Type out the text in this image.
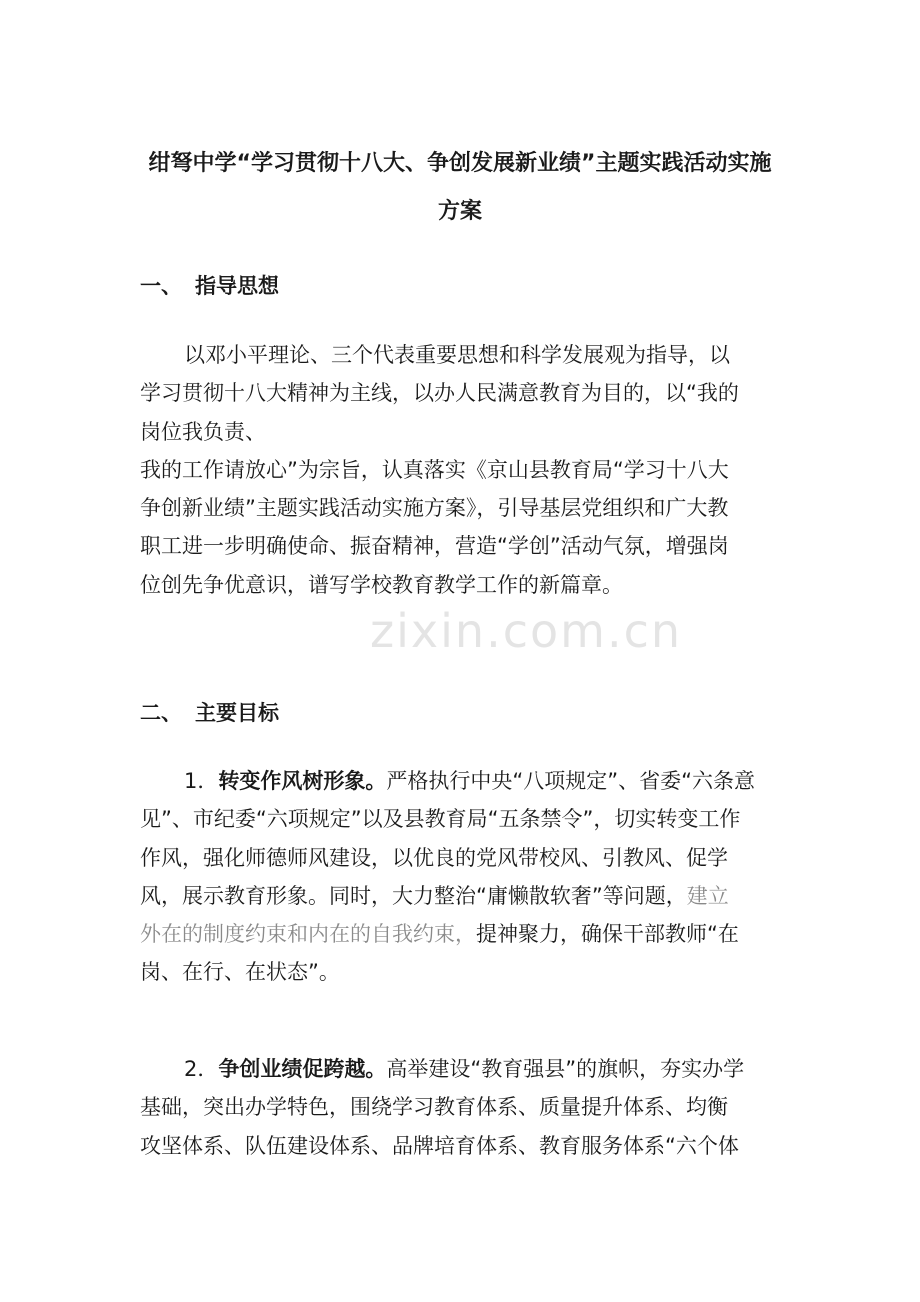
绀弩中学“学习贯彻十八大、争创发展新业绩”主题实践活动实施
方案
一、 指导思想
以邓小平理论、三个代表重要思想和科学发展观为指导，以
学习贯彻十八大精神为主线，以办人民满意教育为目的，以“我的
岗位我负责、
我的工作请放心”为宗旨，认真落实《京山县教育局“学习十八大
争创新业绩”主题实践活动实施方案》，引导基层党组织和广大教
职工进一步明确使命、振奋精神，营造“学创”活动气氛，增强岗
位创先争优意识，谱写学校教育教学工作的新篇章。
zixin.com.cn
二、 主要目标
1．转变作风树形象。严格执行中央“八项规定”、省委“六条意
见”、市纪委“六项规定”以及县教育局“五条禁令”，切实转变工作
作风，强化师德师风建设，以优良的党风带校风、引教风、促学
风，展示教育形象。同时，大力整治“庸懒散软奢”等问题，建立
外在的制度约束和内在的自我约束，提神聚力，确保干部教师“在
岗、在行、在状态”。
2．争创业绩促跨越。高举建设“教育强县”的旗帜，夯实办学
基础，突出办学特色，围绕学习教育体系、质量提升体系、均衡
攻坚体系、队伍建设体系、品牌培育体系、教育服务体系“六个体
